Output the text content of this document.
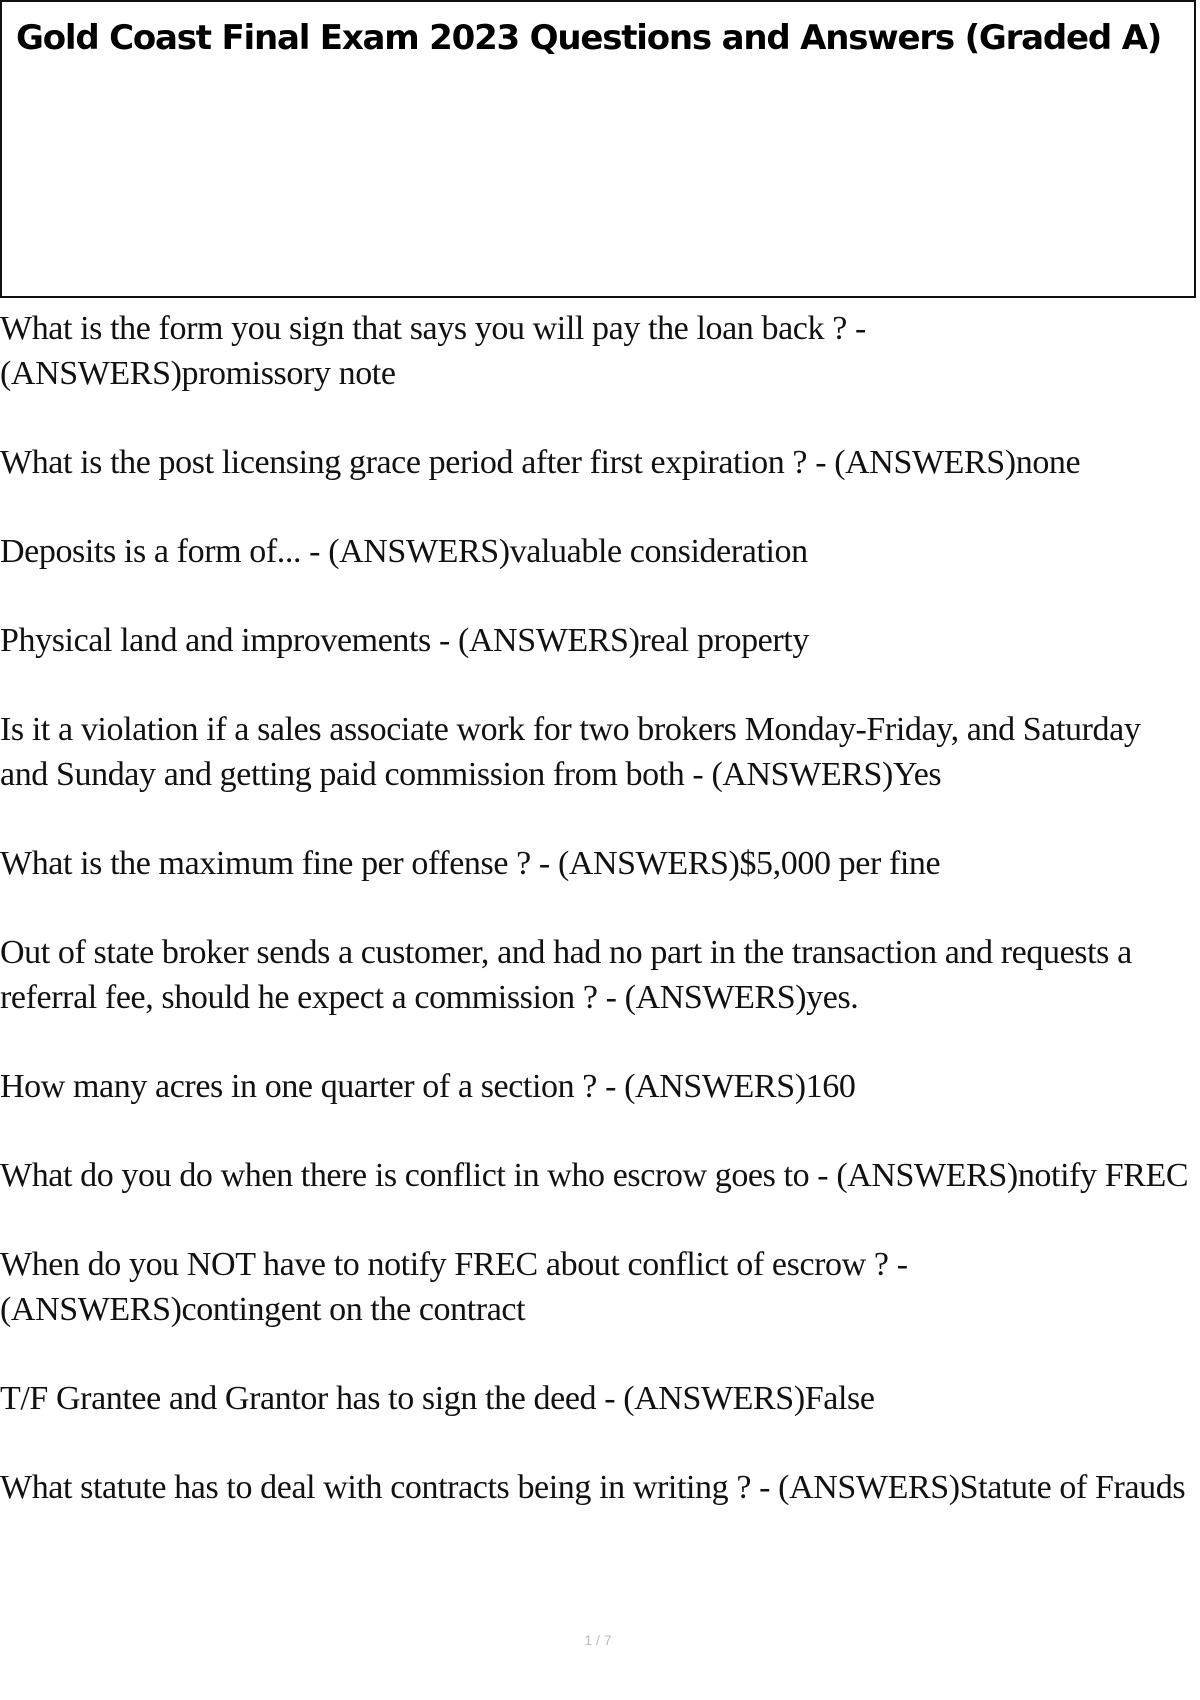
Gold Coast Final Exam 2023 Questions and Answers (Graded A)

What is the form you sign that says you will pay the loan back ? - (ANSWERS)promissory note

What is the post licensing grace period after first expiration ? - (ANSWERS)none

Deposits is a form of... - (ANSWERS)valuable consideration

Physical land and improvements - (ANSWERS)real property

Is it a violation if a sales associate work for two brokers Monday-Friday, and Saturday and Sunday and getting paid commission from both - (ANSWERS)Yes

What is the maximum fine per offense ? - (ANSWERS)$5,000 per fine

Out of state broker sends a customer, and had no part in the transaction and requests a referral fee, should he expect a commission ? - (ANSWERS)yes.

How many acres in one quarter of a section ? - (ANSWERS)160

What do you do when there is conflict in who escrow goes to - (ANSWERS)notify FREC

When do you NOT have to notify FREC about conflict of escrow ? - (ANSWERS)contingent on the contract

T/F Grantee and Grantor has to sign the deed - (ANSWERS)False

What statute has to deal with contracts being in writing ? - (ANSWERS)Statute of Frauds

1 / 7
